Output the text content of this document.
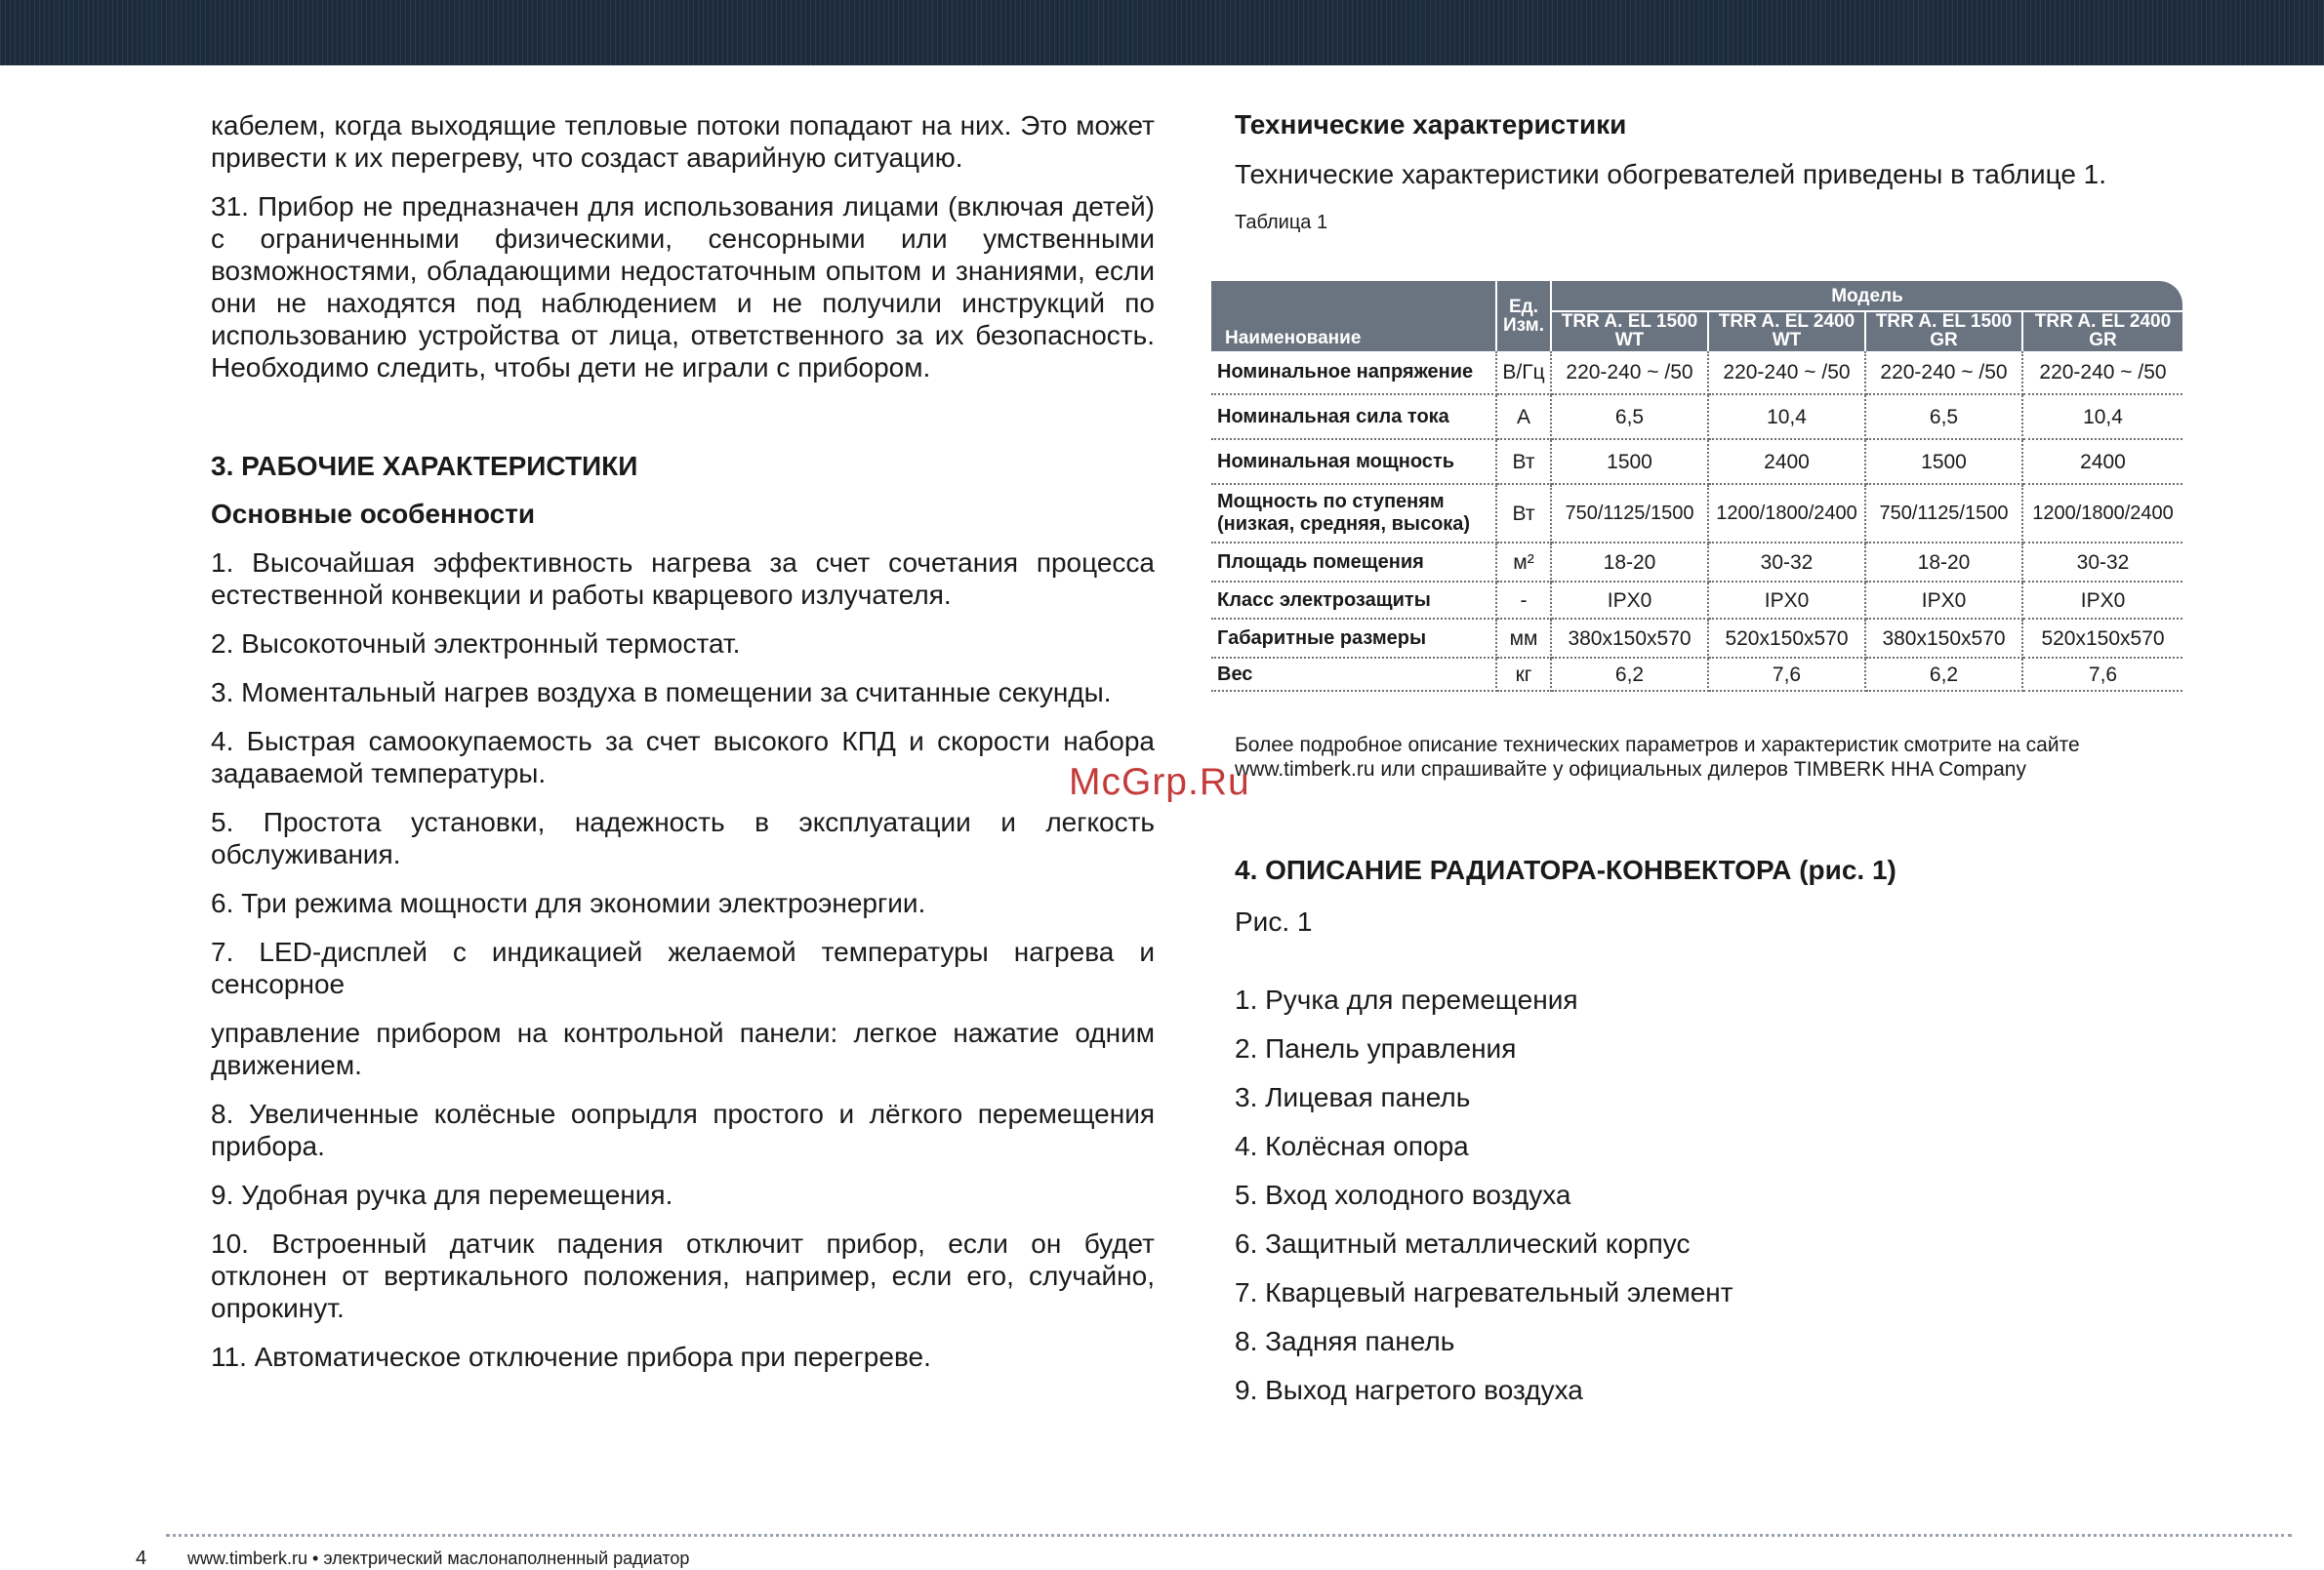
кабелем, когда выходящие тепловые потоки попадают на них. Это может привести к их перегреву, что создаст аварийную ситуацию.

31. Прибор не предназначен для использования лицами (включая детей) с ограниченными физическими, сенсорными или умственными возможностями, обладающими недостаточным опытом и знаниями, если они не находятся под наблюдением и не получили инструкций по использованию устройства от лица, ответственного за их безопасность. Необходимо следить, чтобы дети не играли с прибором.

3. РАБОЧИЕ ХАРАКТЕРИСТИКИ

Основные особенности

1. Высочайшая эффективность нагрева за счет сочетания процесса естественной конвекции и работы кварцевого излучателя.

2. Высокоточный электронный термостат.

3. Моментальный нагрев воздуха в помещении за считанные секунды.

4. Быстрая самоокупаемость за счет высокого КПД и скорости набора задаваемой температуры.

5. Простота установки, надежность в эксплуатации и легкость обслуживания.

6. Три режима мощности для экономии электроэнергии.

7. LED-дисплей с индикацией желаемой температуры нагрева и сенсорное

управление прибором на контрольной панели: легкое нажатие одним движением.

8. Увеличенные колёсные оопрыдля простого и лёгкого перемещения прибора.

9. Удобная ручка для перемещения.

10. Встроенный датчик падения отключит прибор, если он будет отклонен от вертикального положения, например, если его, случайно, опрокинут.

11. Автоматическое отключение прибора при перегреве.

Технические характеристики

Технические характеристики обогревателей приведены в таблице 1.

Таблица 1

Наименование	Ед. Изм.	Модель			
		TRR A. EL 1500 WT	TRR A. EL 2400 WT	TRR A. EL 1500 GR	TRR A. EL 2400 GR
Номинальное напряжение	В/Гц	220-240 ~ /50	220-240 ~ /50	220-240 ~ /50	220-240 ~ /50
Номинальная сила тока	А	6,5	10,4	6,5	10,4
Номинальная мощность	Вт	1500	2400	1500	2400
Мощность по ступеням (низкая, средняя, высока)	Вт	750/1125/1500	1200/1800/2400	750/1125/1500	1200/1800/2400
Площадь помещения	м²	18-20	30-32	18-20	30-32
Класс электрозащиты	-	IPX0	IPX0	IPX0	IPX0
Габаритные размеры	мм	380x150x570	520x150x570	380x150x570	520x150x570
Вес	кг	6,2	7,6	6,2	7,6

Более подробное описание технических параметров и характеристик смотрите на сайте www.timberk.ru или спрашивайте у официальных дилеров TIMBERK HHA Company

4. ОПИСАНИЕ РАДИАТОРА-КОНВЕКТОРА (рис. 1)

Рис. 1

1. Ручка для перемещения

2. Панель управления

3. Лицевая панель

4. Колёсная опора

5. Вход холодного воздуха

6. Защитный металлический корпус

7. Кварцевый нагревательный элемент

8. Задняя панель

9. Выход нагретого воздуха

McGrp.Ru
4 www.timberk.ru • электрический маслонаполненный радиатор
